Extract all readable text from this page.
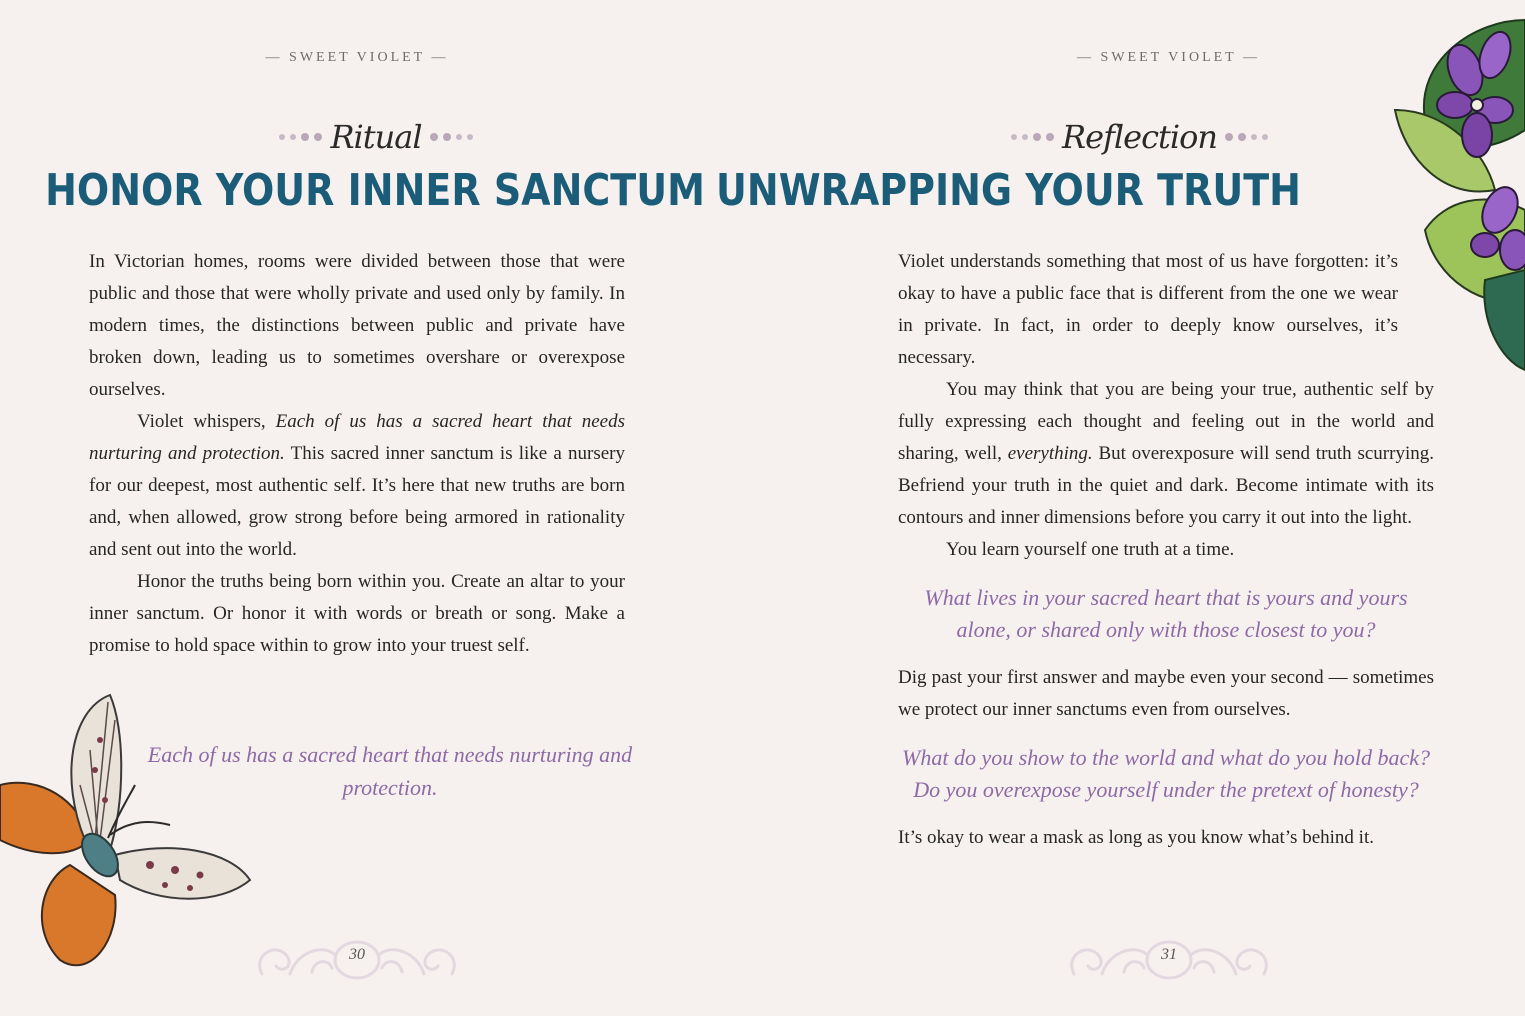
— SWEET VIOLET —
Ritual
HONOR YOUR INNER SANCTUM

In Victorian homes, rooms were divided between those that were public and those that were wholly private and used only by family. In modern times, the distinctions between public and private have broken down, leading us to sometimes overshare or overexpose ourselves.

Violet whispers, Each of us has a sacred heart that needs nurturing and protection. This sacred inner sanctum is like a nursery for our deepest, most authentic self. It’s here that new truths are born and, when allowed, grow strong before being armored in rationality and sent out into the world.

Honor the truths being born within you. Create an altar to your inner sanctum. Or honor it with words or breath or song. Make a promise to hold space within to grow into your truest self.

Each of us has a sacred heart that needs nurturing and protection.
30
— SWEET VIOLET —
Reflection
UNWRAPPING YOUR TRUTH

Violet understands something that most of us have forgotten: it’s okay to have a public face that is different from the one we wear in private. In fact, in order to deeply know ourselves, it’s necessary.

You may think that you are being your true, authentic self by fully expressing each thought and feeling out in the world and sharing, well, everything. But overexposure will send truth scurrying. Befriend your truth in the quiet and dark. Become intimate with its contours and inner dimensions before you carry it out into the light.

You learn yourself one truth at a time.

What lives in your sacred heart that is yours and yours alone, or shared only with those closest to you?

Dig past your first answer and maybe even your second — sometimes we protect our inner sanctums even from ourselves.

What do you show to the world and what do you hold back? Do you overexpose yourself under the pretext of honesty?

It’s okay to wear a mask as long as you know what’s behind it.

31
